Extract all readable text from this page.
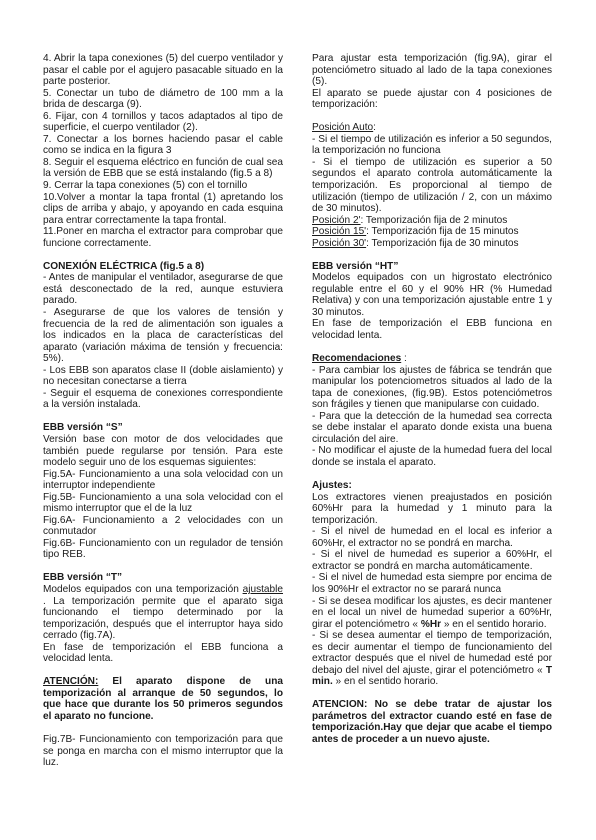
4. Abrir la tapa conexiones (5) del cuerpo ventilador y pasar el cable por el agujero pasacable situado en la parte posterior.

5. Conectar un tubo de diámetro de 100 mm a la brida de descarga (9).

6. Fijar, con 4 tornillos y tacos adaptados al tipo de superficie, el cuerpo ventilador (2).

7. Conectar a los bornes haciendo pasar el cable como se indica en la figura 3

8. Seguir el esquema eléctrico en función de cual sea la versión de EBB que se está instalando (fig.5 a 8)

9. Cerrar la tapa conexiones (5) con el tornillo

10.Volver a montar la tapa frontal (1) apretando los clips de arriba y abajo, y apoyando en cada esquina para entrar correctamente la tapa frontal.

11.Poner en marcha el extractor para comprobar que funcione correctamente.

CONEXIÓN ELÉCTRICA (fig.5 a 8)

- Antes de manipular el ventilador, asegurarse de que está desconectado de la red, aunque estuviera parado.

- Asegurarse de que los valores de tensión y frecuencia de la red de alimentación son iguales a los indicados en la placa de características del aparato (variación máxima de tensión y frecuencia: 5%).

- Los EBB son aparatos clase II (doble aislamiento) y no necesitan conectarse a tierra

- Seguir el esquema de conexiones correspondiente a la versión instalada.

EBB versión “S”

Versión base con motor de dos velocidades que también puede regularse por tensión. Para este modelo seguir uno de los esquemas siguientes:

Fig.5A- Funcionamiento a una sola velocidad con un interruptor independiente

Fig.5B- Funcionamiento a una sola velocidad con el mismo interruptor que el de la luz

Fig.6A- Funcionamiento a 2 velocidades con un conmutador

Fig.6B- Funcionamiento con un regulador de tensión tipo REB.

EBB versión “T”

Modelos equipados con una temporización ajustable . La temporización permite que el aparato siga funcionando el tiempo determinado por la temporización, después que el interruptor haya sido cerrado (fig.7A).

En fase de temporización el EBB funciona a velocidad lenta.

ATENCIÓN: El aparato dispone de una temporización al arranque de 50 segundos, lo que hace que durante los 50 primeros segundos el aparato no funcione.

Fig.7B- Funcionamiento con temporización para que se ponga en marcha con el mismo interruptor que la luz.

Para ajustar esta temporización (fig.9A), girar el potenciómetro situado al lado de la tapa conexiones (5).

El aparato se puede ajustar con 4 posiciones de temporización:

Posición Auto:

- Si el tiempo de utilización es inferior a 50 segundos, la temporización no funciona

- Si el tiempo de utilización es superior a 50 segundos el aparato controla automáticamente la temporización. Es proporcional al tiempo de utilización (tiempo de utilización / 2, con un máximo de 30 minutos).

Posición 2': Temporización fija de 2 minutos

Posición 15': Temporización fija de 15 minutos

Posición 30': Temporización fija de 30 minutos

EBB versión “HT”

Modelos equipados con un higrostato electrónico regulable entre el 60 y el 90% HR (% Humedad Relativa) y con una temporización ajustable entre 1 y 30 minutos.

En fase de temporización el EBB funciona en velocidad lenta.

Recomendaciones :

- Para cambiar los ajustes de fábrica se tendrán que manipular los potenciometros situados al lado de la tapa de conexiones, (fig.9B). Estos potenciómetros son frágiles y tienen que manipularse con cuidado.

- Para que la detección de la humedad sea correcta se debe instalar el aparato donde exista una buena circulación del aire.

- No modificar el ajuste de la humedad fuera del local donde se instala el aparato.

Ajustes:

Los extractores vienen preajustados en posición 60%Hr para la humedad y 1 minuto para la temporización.

- Si el nivel de humedad en el local es inferior a 60%Hr, el extractor no se pondrá en marcha.

- Si el nivel de humedad es superior a 60%Hr, el extractor se pondrá en marcha automáticamente.

- Si el nivel de humedad esta siempre por encima de los 90%Hr el extractor no se parará nunca

- Si se desea modificar los ajustes, es decir mantener en el local un nivel de humedad superior a 60%Hr, girar el potenciómetro « %Hr » en el sentido horario.

- Si se desea aumentar el tiempo de temporización, es decir aumentar el tiempo de funcionamiento del extractor después que el nivel de humedad esté por debajo del nivel del ajuste, girar el potenciómetro « T min. » en el sentido horario.

ATENCION: No se debe tratar de ajustar los parámetros del extractor cuando esté en fase de temporización.Hay que dejar que acabe el tiempo antes de proceder a un nuevo ajuste.
